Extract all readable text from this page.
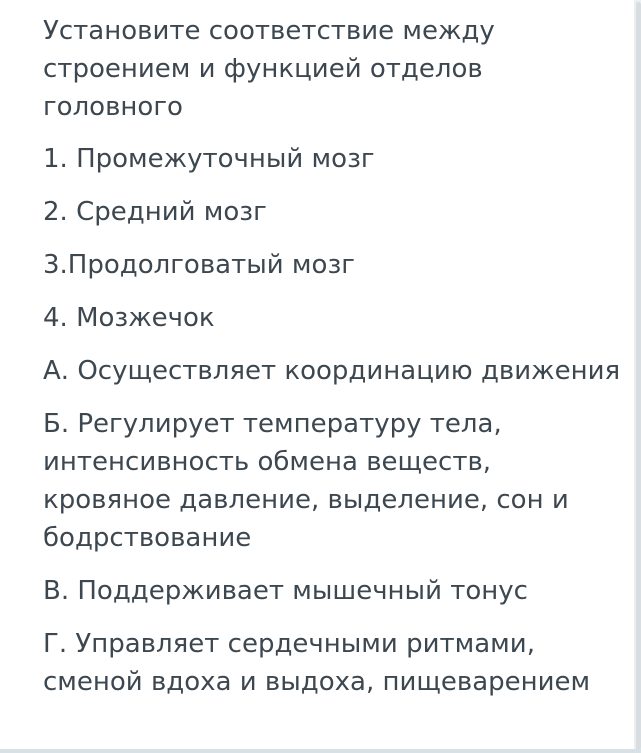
Установите соответствие между строением и функцией отделов головного

1. Промежуточный мозг

2. Средний мозг

3.Продолговатый мозг

4. Мозжечок

А. Осуществляет координацию движения

Б. Регулирует температуру тела, интенсивность обмена веществ, кровяное давление, выделение, сон и бодрствование

В. Поддерживает мышечный тонус

Г. Управляет сердечными ритмами, сменой вдоха и выдоха, пищеварением
